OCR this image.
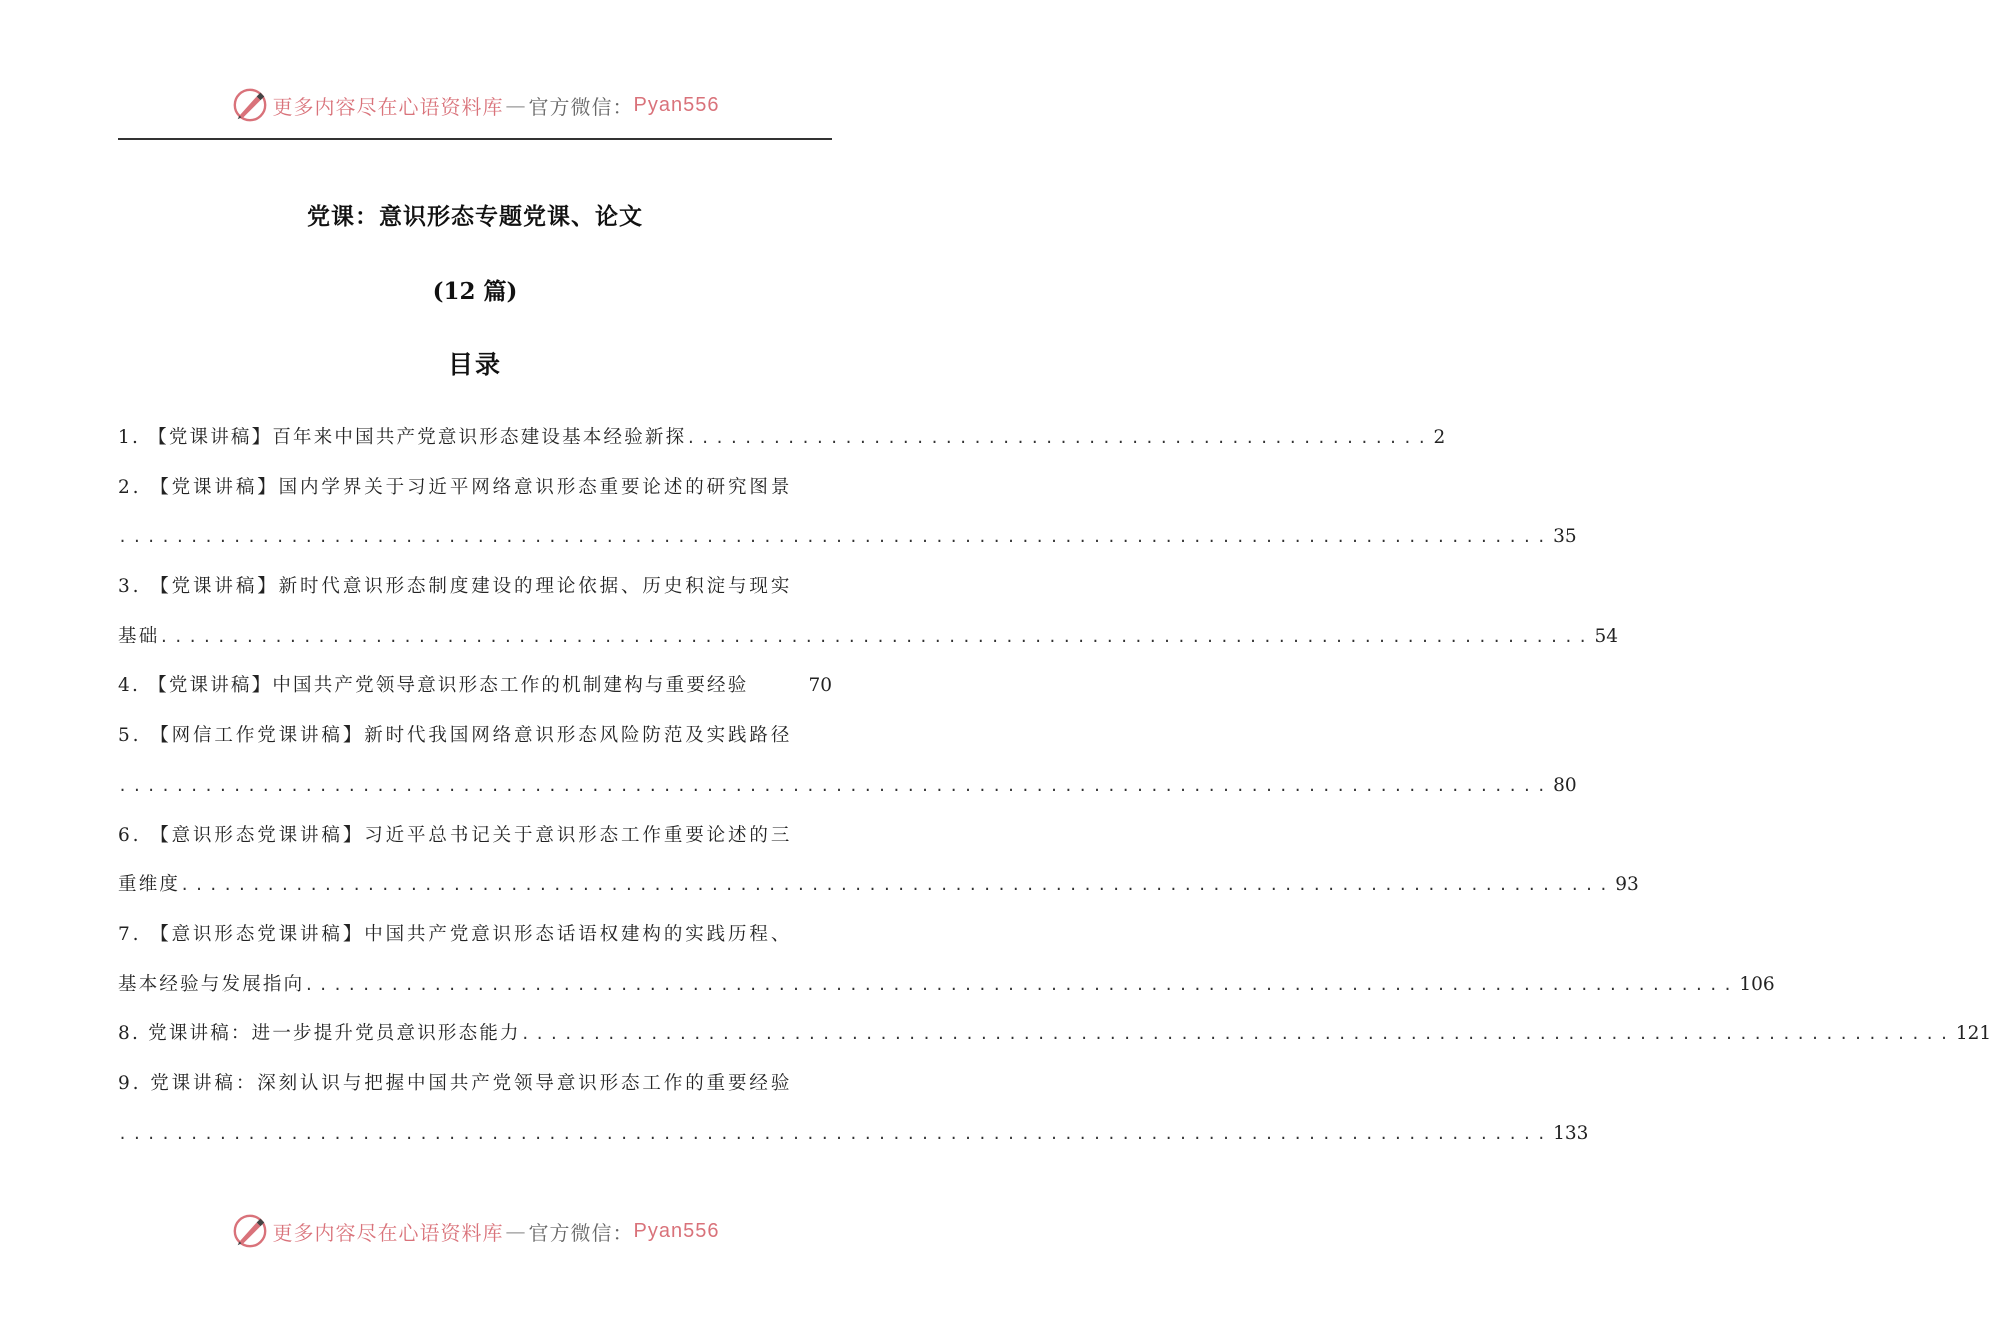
更多内容尽在心语资料库 — 官方微信： Pyan556
党课：意识形态专题党课、论文
(12 篇)
目录
1. 【党课讲稿】百年来中国共产党意识形态建设基本经验新探 .................................................... 2
2. 【党课讲稿】国内学界关于习近平网络意识形态重要论述的研究图景
.................................................................................................... 35
3. 【党课讲稿】新时代意识形态制度建设的理论依据、历史积淀与现实
基础 .................................................................................................... 54
4. 【党课讲稿】中国共产党领导意识形态工作的机制建构与重要经验	70
5. 【网信工作党课讲稿】新时代我国网络意识形态风险防范及实践路径
.................................................................................................... 80
6. 【意识形态党课讲稿】习近平总书记关于意识形态工作重要论述的三
重维度 .................................................................................................... 93
7. 【意识形态党课讲稿】中国共产党意识形态话语权建构的实践历程、
基本经验与发展指向 .................................................................................................... 106
8. 党课讲稿：进一步提升党员意识形态能力 .................................................................................................... 121
9. 党课讲稿：深刻认识与把握中国共产党领导意识形态工作的重要经验
.................................................................................................... 133
更多内容尽在心语资料库 — 官方微信： Pyan556
